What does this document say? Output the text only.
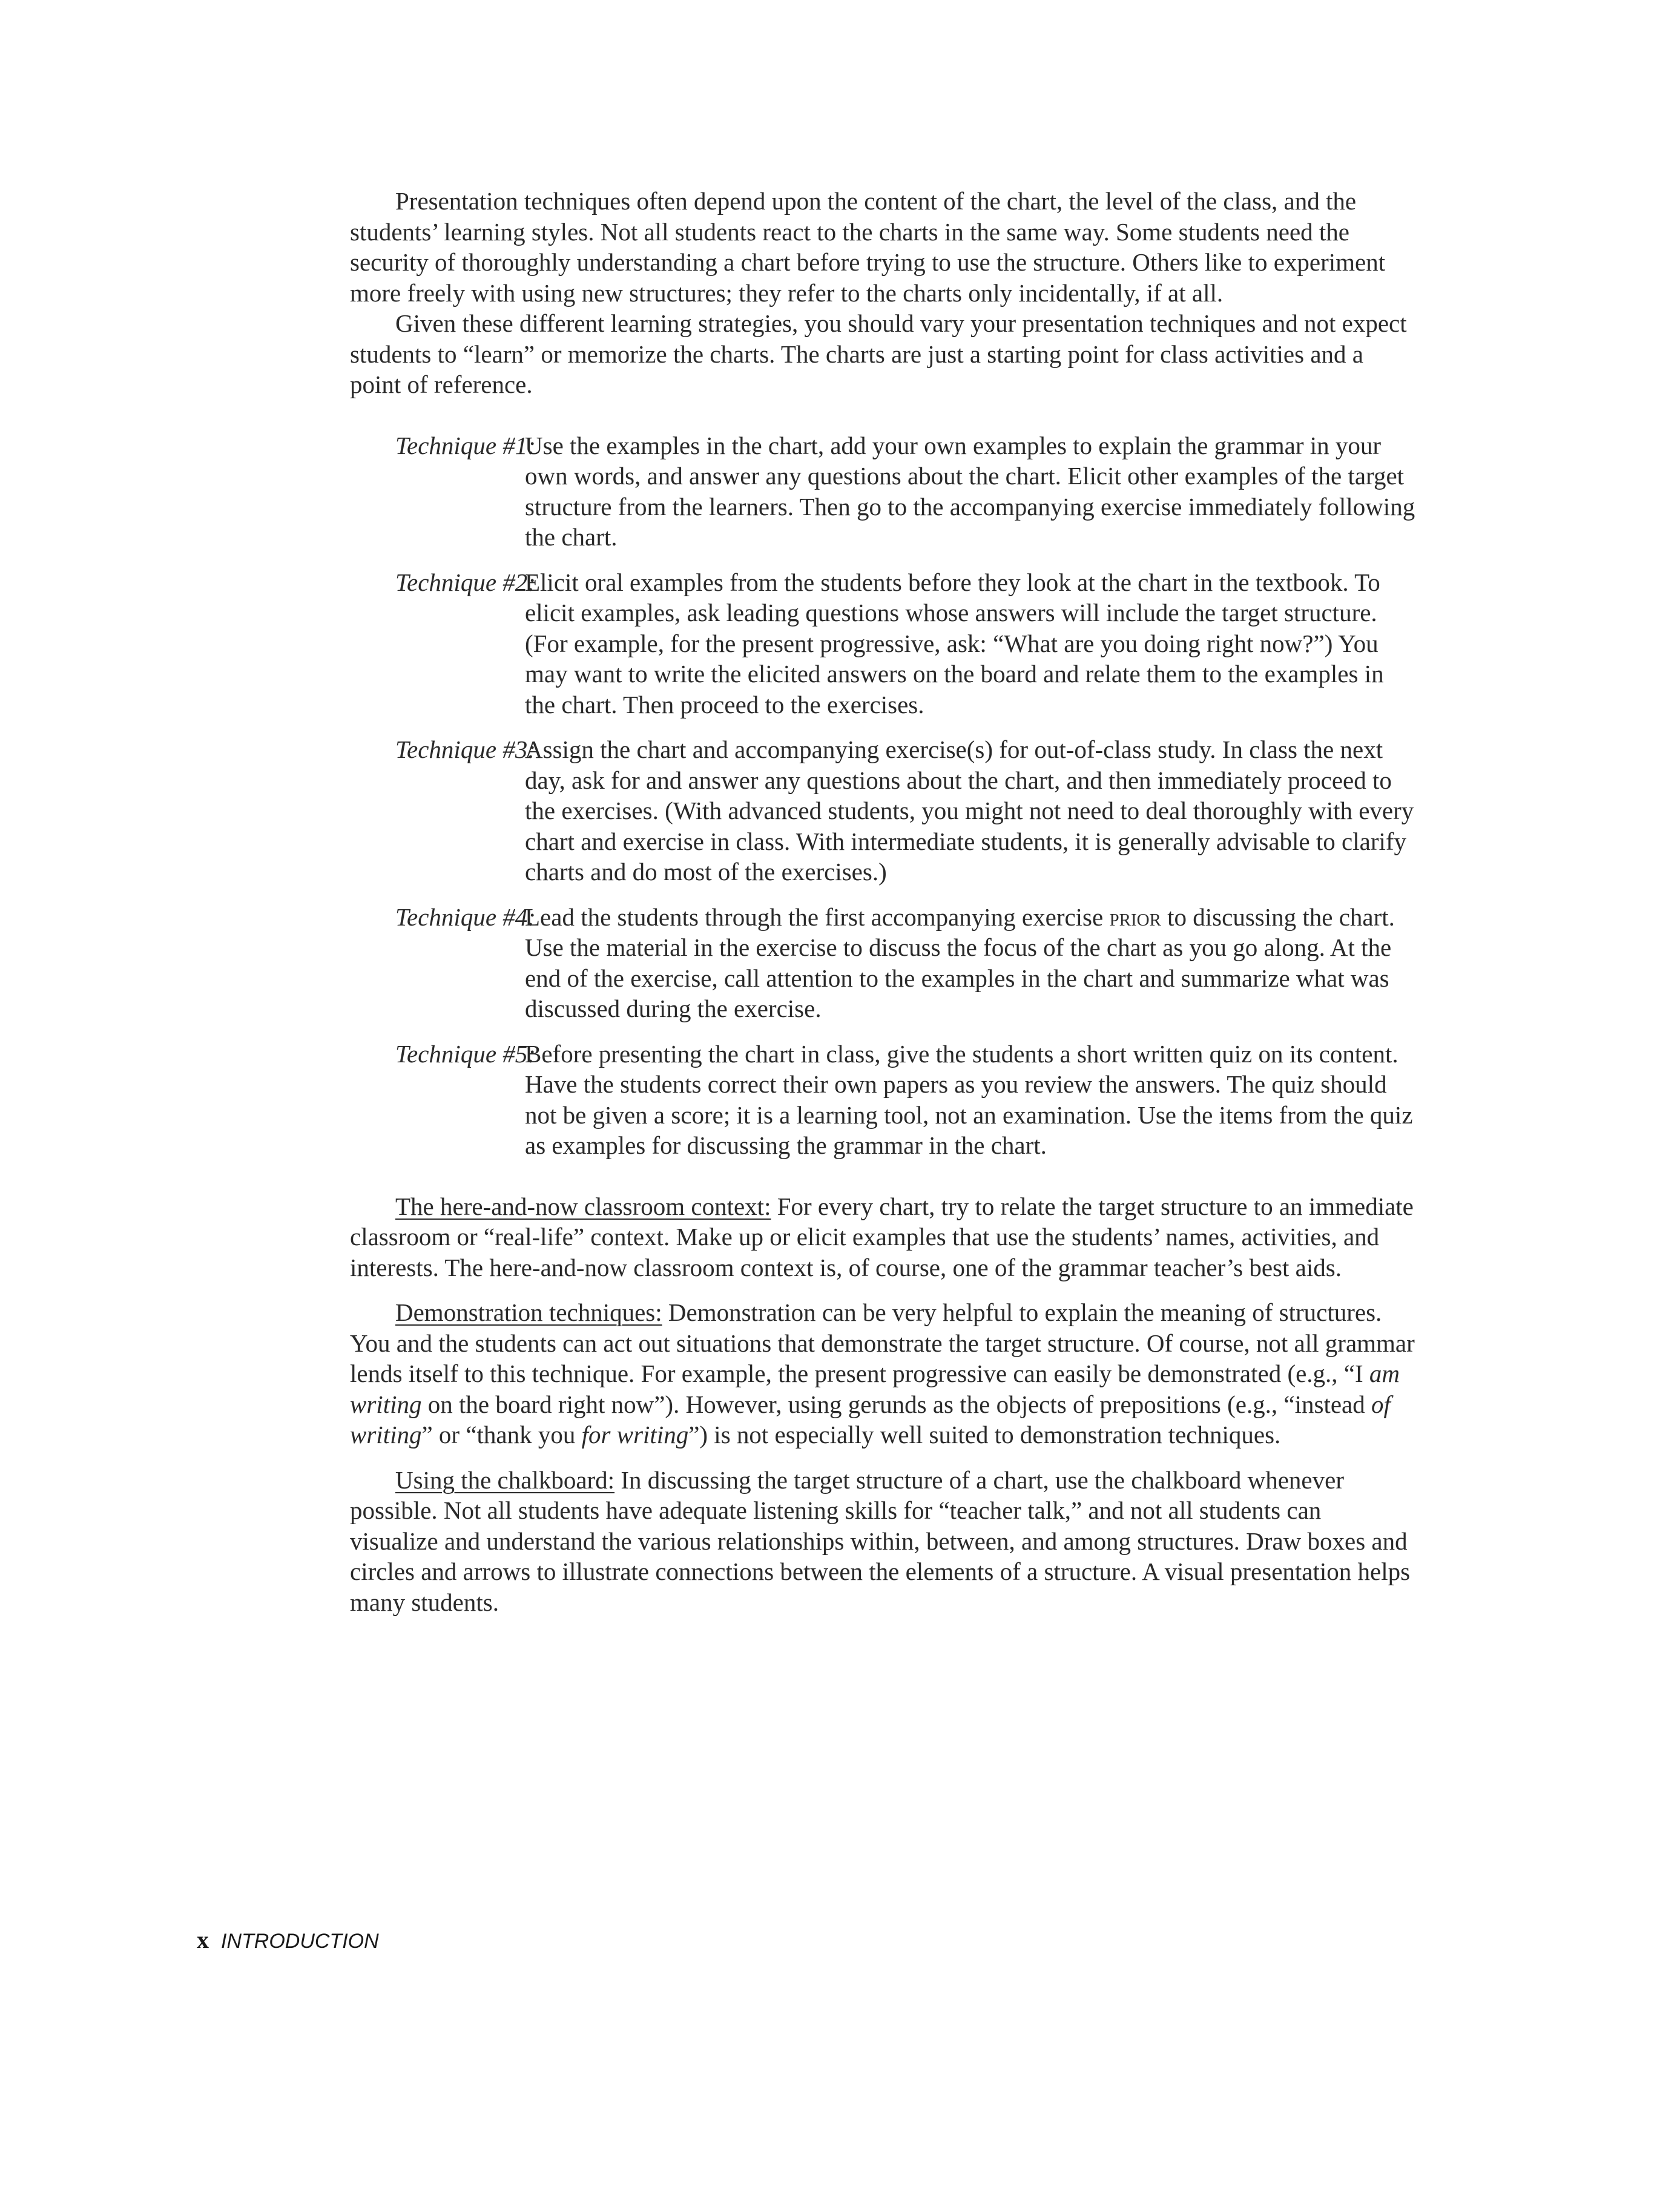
Presentation techniques often depend upon the content of the chart, the level of the class, and the students’ learning styles. Not all students react to the charts in the same way. Some students need the security of thoroughly understanding a chart before trying to use the structure. Others like to experiment more freely with using new structures; they refer to the charts only incidentally, if at all.

Given these different learning strategies, you should vary your presentation techniques and not expect students to “learn” or memorize the charts. The charts are just a starting point for class activities and a point of reference.

Technique #1:
Use the examples in the chart, add your own examples to explain the grammar in your own words, and answer any questions about the chart. Elicit other examples of the target structure from the learners. Then go to the accompanying exercise immediately following the chart.
Technique #2:
Elicit oral examples from the students before they look at the chart in the textbook. To elicit examples, ask leading questions whose answers will include the target structure. (For example, for the present progressive, ask: “What are you doing right now?”) You may want to write the elicited answers on the board and relate them to the examples in the chart. Then proceed to the exercises.
Technique #3:
Assign the chart and accompanying exercise(s) for out-of-class study. In class the next day, ask for and answer any questions about the chart, and then immediately proceed to the exercises. (With advanced students, you might not need to deal thoroughly with every chart and exercise in class. With intermediate students, it is generally advisable to clarify charts and do most of the exercises.)
Technique #4:
Lead the students through the first accompanying exercise prior to discussing the chart. Use the material in the exercise to discuss the focus of the chart as you go along. At the end of the exercise, call attention to the examples in the chart and summarize what was discussed during the exercise.
Technique #5:
Before presenting the chart in class, give the students a short written quiz on its content. Have the students correct their own papers as you review the answers. The quiz should not be given a score; it is a learning tool, not an examination. Use the items from the quiz as examples for discussing the grammar in the chart.

The here-and-now classroom context: For every chart, try to relate the target structure to an immediate classroom or “real-life” context. Make up or elicit examples that use the students’ names, activities, and interests. The here-and-now classroom context is, of course, one of the grammar teacher’s best aids.

Demonstration techniques: Demonstration can be very helpful to explain the meaning of structures. You and the students can act out situations that demonstrate the target structure. Of course, not all grammar lends itself to this technique. For example, the present progressive can easily be demonstrated (e.g., “I am writing on the board right now”). However, using gerunds as the objects of prepositions (e.g., “instead of writing” or “thank you for writing”) is not especially well suited to demonstration techniques.

Using the chalkboard: In discussing the target structure of a chart, use the chalkboard whenever possible. Not all students have adequate listening skills for “teacher talk,” and not all students can visualize and understand the various relationships within, between, and among structures. Draw boxes and circles and arrows to illustrate connections between the elements of a structure. A visual presentation helps many students.

x INTRODUCTION
